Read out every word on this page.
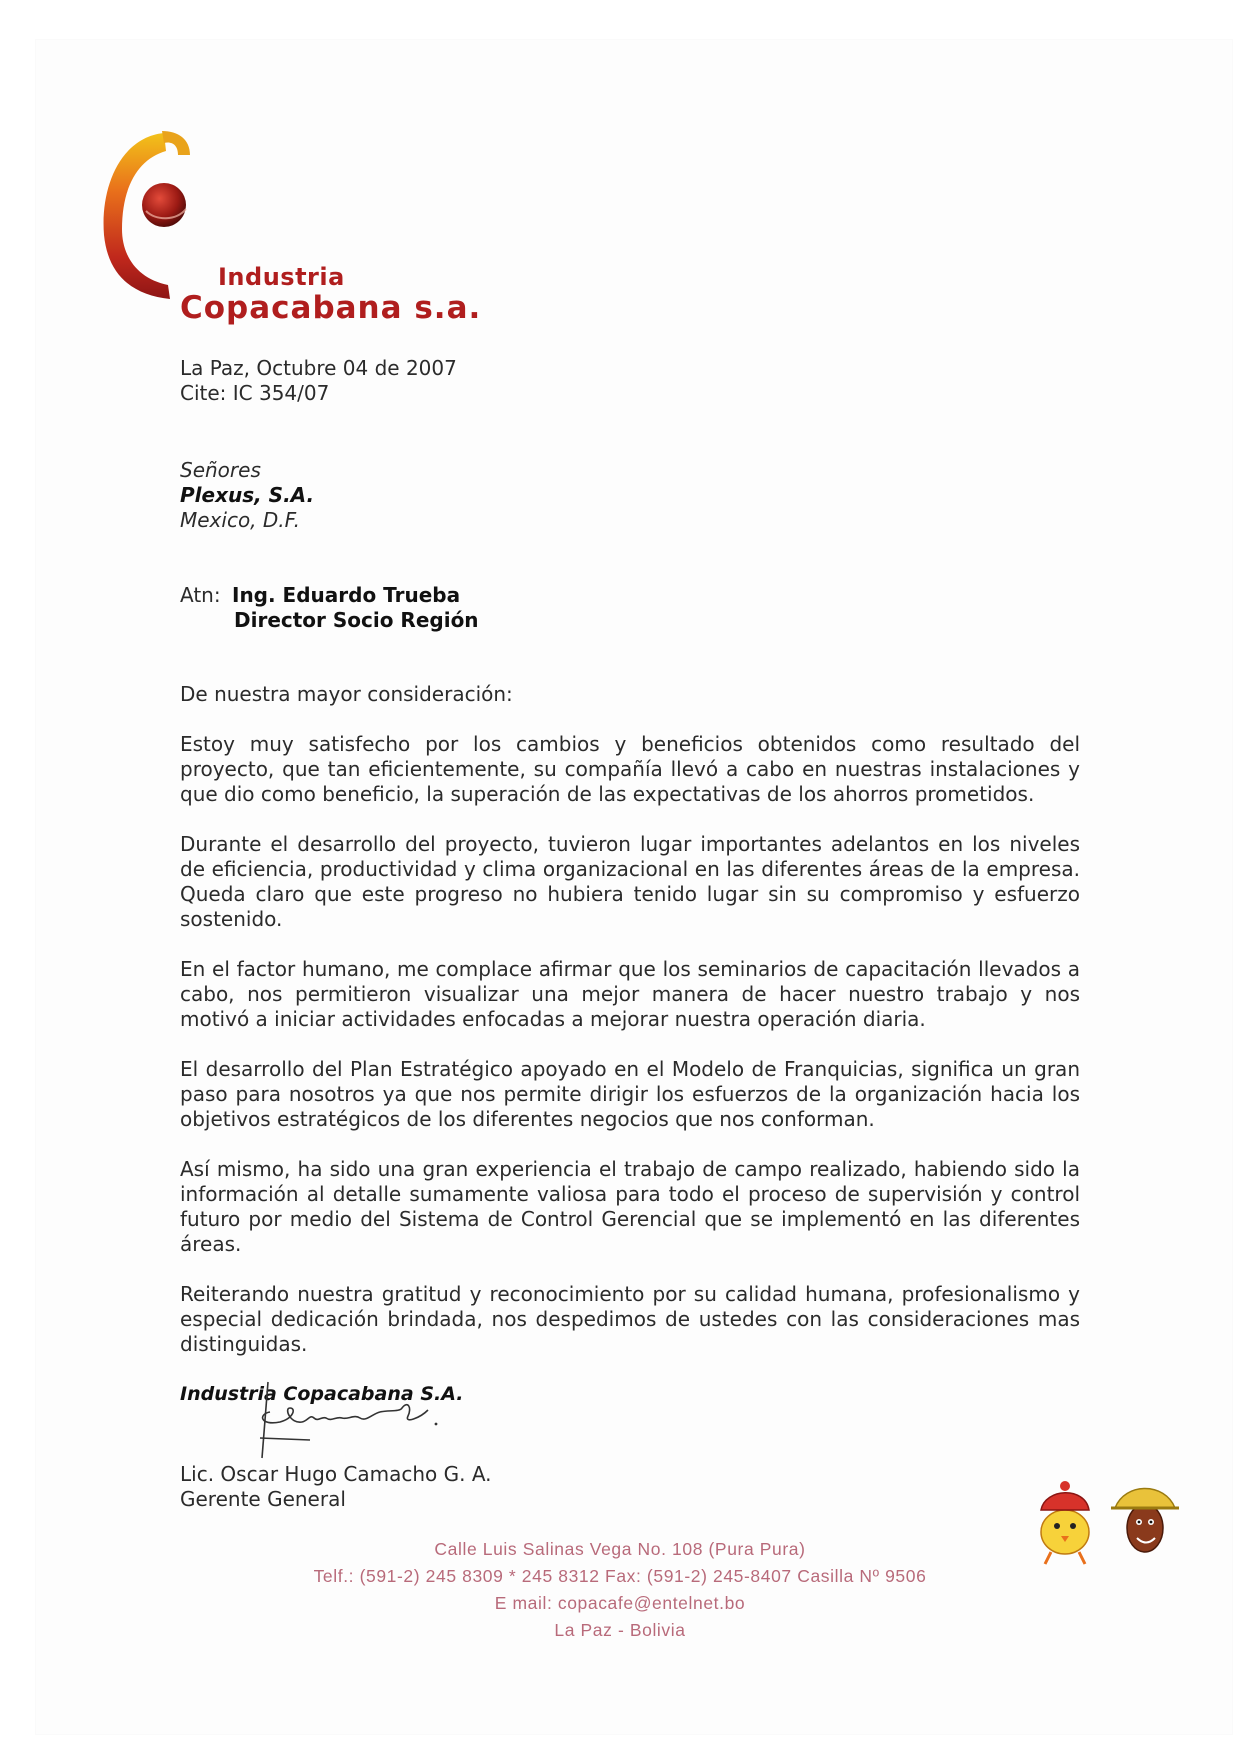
Industria
Copacabana s.a.
La Paz, Octubre 04 de 2007
Cite: IC 354/07
Señores
Plexus, S.A.
Mexico, D.F.
Atn: Ing. Eduardo Trueba
Director Socio Región
De nuestra mayor consideración:
Estoy muy satisfecho por los cambios y beneficios obtenidos como resultado del proyecto, que tan eficientemente, su compañía llevó a cabo en nuestras instalaciones y que dio como beneficio, la superación de las expectativas de los ahorros prometidos.
Durante el desarrollo del proyecto, tuvieron lugar importantes adelantos en los niveles de eficiencia, productividad y clima organizacional en las diferentes áreas de la empresa. Queda claro que este progreso no hubiera tenido lugar sin su compromiso y esfuerzo sostenido.
En el factor humano, me complace afirmar que los seminarios de capacitación llevados a cabo, nos permitieron visualizar una mejor manera de hacer nuestro trabajo y nos motivó a iniciar actividades enfocadas a mejorar nuestra operación diaria.
El desarrollo del Plan Estratégico apoyado en el Modelo de Franquicias, significa un gran paso para nosotros ya que nos permite dirigir los esfuerzos de la organización hacia los objetivos estratégicos de los diferentes negocios que nos conforman.
Así mismo, ha sido una gran experiencia el trabajo de campo realizado, habiendo sido la información al detalle sumamente valiosa para todo el proceso de supervisión y control futuro por medio del Sistema de Control Gerencial que se implementó en las diferentes áreas.
Reiterando nuestra gratitud y reconocimiento por su calidad humana, profesionalismo y especial dedicación brindada, nos despedimos de ustedes con las consideraciones mas distinguidas.
Industria Copacabana S.A.
Lic. Oscar Hugo Camacho G. A.
Gerente General
Calle Luis Salinas Vega No. 108 (Pura Pura)
Telf.: (591-2) 245 8309 * 245 8312 Fax: (591-2) 245-8407 Casilla Nº 9506
E mail: copacafe@entelnet.bo
La Paz - Bolivia
